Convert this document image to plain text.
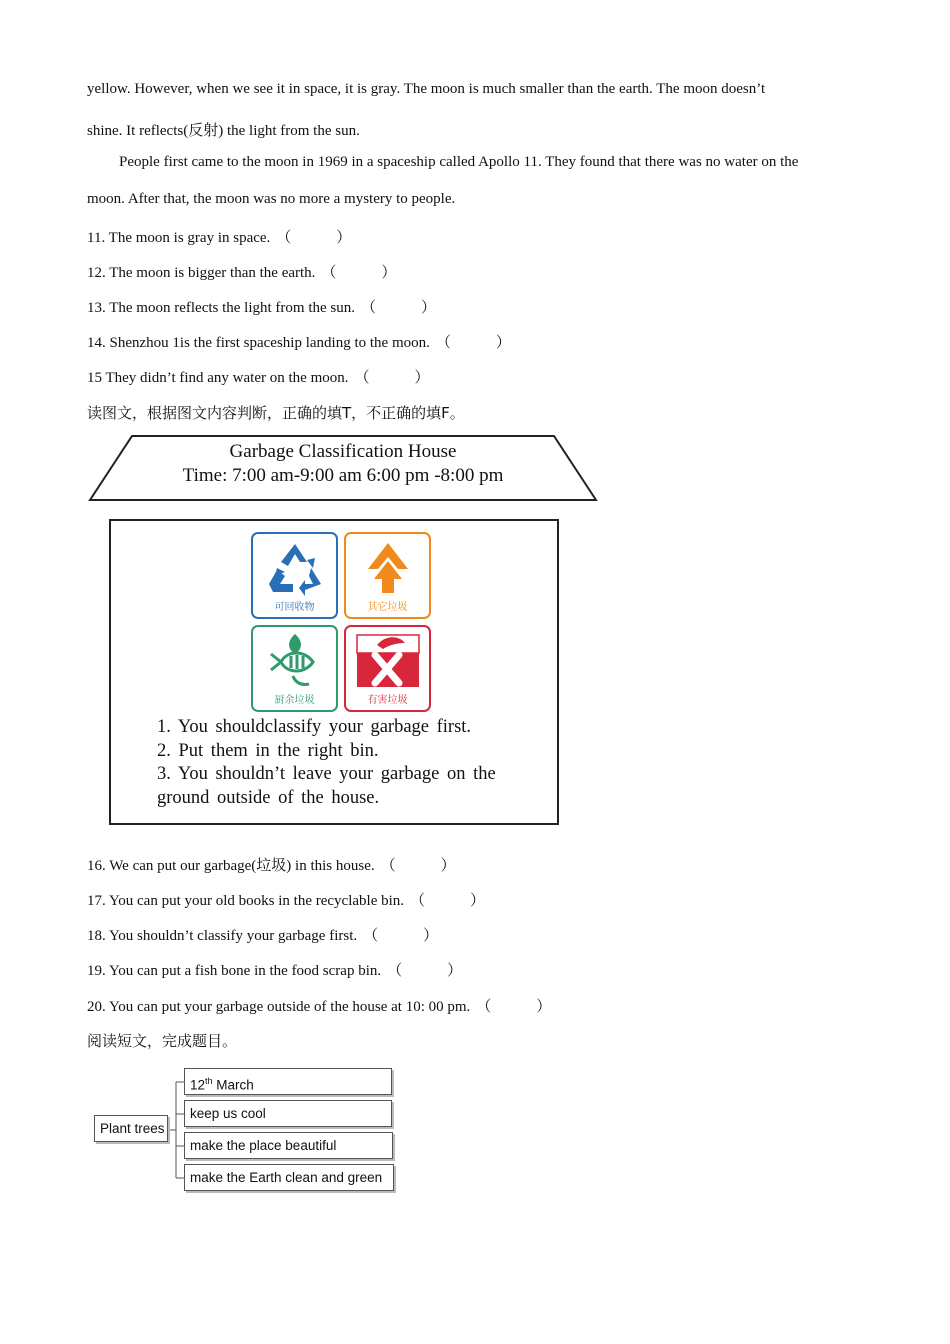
yellow. However, when we see it in space, it is gray. The moon is much smaller than the earth. The moon doesn’t
shine. It reflects(反射) the light from the sun.
People first came to the moon in 1969 in a spaceship called Apollo 11. They found that there was no water on the
moon. After that, the moon was no more a mystery to people.
11. The moon is gray in space. （　　　）
12. The moon is bigger than the earth. （　　　）
13. The moon reflects the light from the sun. （　　　）
14. Shenzhou 1is the first spaceship landing to the moon. （　　　）
15 They didn’t find any water on the moon. （　　　）
读图文，根据图文内容判断，正确的填T，不正确的填F。
Garbage Classification House
Time: 7:00 am-9:00 am 6:00 pm -8:00 pm
可回收物	其它垃圾
厨余垃圾	有害垃圾
1. You shouldclassify your garbage first.
2. Put them in the right bin.
3. You shouldn’t leave your garbage on the
ground outside of the house.
16. We can put our garbage(垃圾) in this house. （　　　）
17. You can put your old books in the recyclable bin. （　　　）
18. You shouldn’t classify your garbage first. （　　　）
19. You can put a fish bone in the food scrap bin. （　　　）
20. You can put your garbage outside of the house at 10: 00 pm. （　　　）
阅读短文，完成题目。
Plant trees
12th March
keep us cool
make the place beautiful
make the Earth clean and green
